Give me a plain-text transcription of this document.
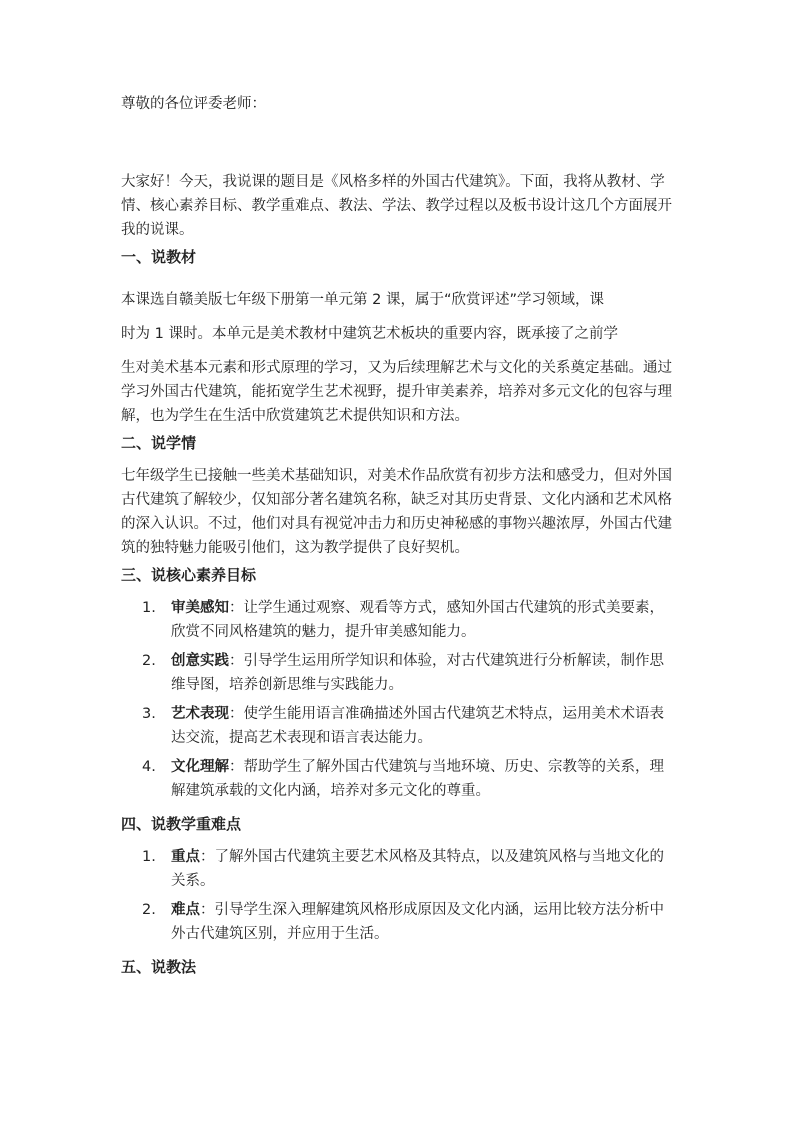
尊敬的各位评委老师：

大家好！今天，我说课的题目是《风格多样的外国古代建筑》。下面，我将从教材、学情、核心素养目标、教学重难点、教法、学法、教学过程以及板书设计这几个方面展开我的说课。

一、说教材

本课选自赣美版七年级下册第一单元第 2 课，属于“欣赏评述”学习领域，课

时为 1 课时。本单元是美术教材中建筑艺术板块的重要内容，既承接了之前学

生对美术基本元素和形式原理的学习，又为后续理解艺术与文化的关系奠定基础。通过学习外国古代建筑，能拓宽学生艺术视野，提升审美素养，培养对多元文化的包容与理解，也为学生在生活中欣赏建筑艺术提供知识和方法。

二、说学情

七年级学生已接触一些美术基础知识，对美术作品欣赏有初步方法和感受力，但对外国古代建筑了解较少，仅知部分著名建筑名称，缺乏对其历史背景、文化内涵和艺术风格的深入认识。不过，他们对具有视觉冲击力和历史神秘感的事物兴趣浓厚，外国古代建筑的独特魅力能吸引他们，这为教学提供了良好契机。

三、说核心素养目标

1.	审美感知：让学生通过观察、观看等方式，感知外国古代建筑的形式美要素，欣赏不同风格建筑的魅力，提升审美感知能力。
2.	创意实践：引导学生运用所学知识和体验，对古代建筑进行分析解读，制作思维导图，培养创新思维与实践能力。
3.	艺术表现：使学生能用语言准确描述外国古代建筑艺术特点，运用美术术语表达交流，提高艺术表现和语言表达能力。
4.	文化理解：帮助学生了解外国古代建筑与当地环境、历史、宗教等的关系，理解建筑承载的文化内涵，培养对多元文化的尊重。

四、说教学重难点

1.	重点：了解外国古代建筑主要艺术风格及其特点，以及建筑风格与当地文化的关系。
2.	难点：引导学生深入理解建筑风格形成原因及文化内涵，运用比较方法分析中外古代建筑区别，并应用于生活。

五、说教法
